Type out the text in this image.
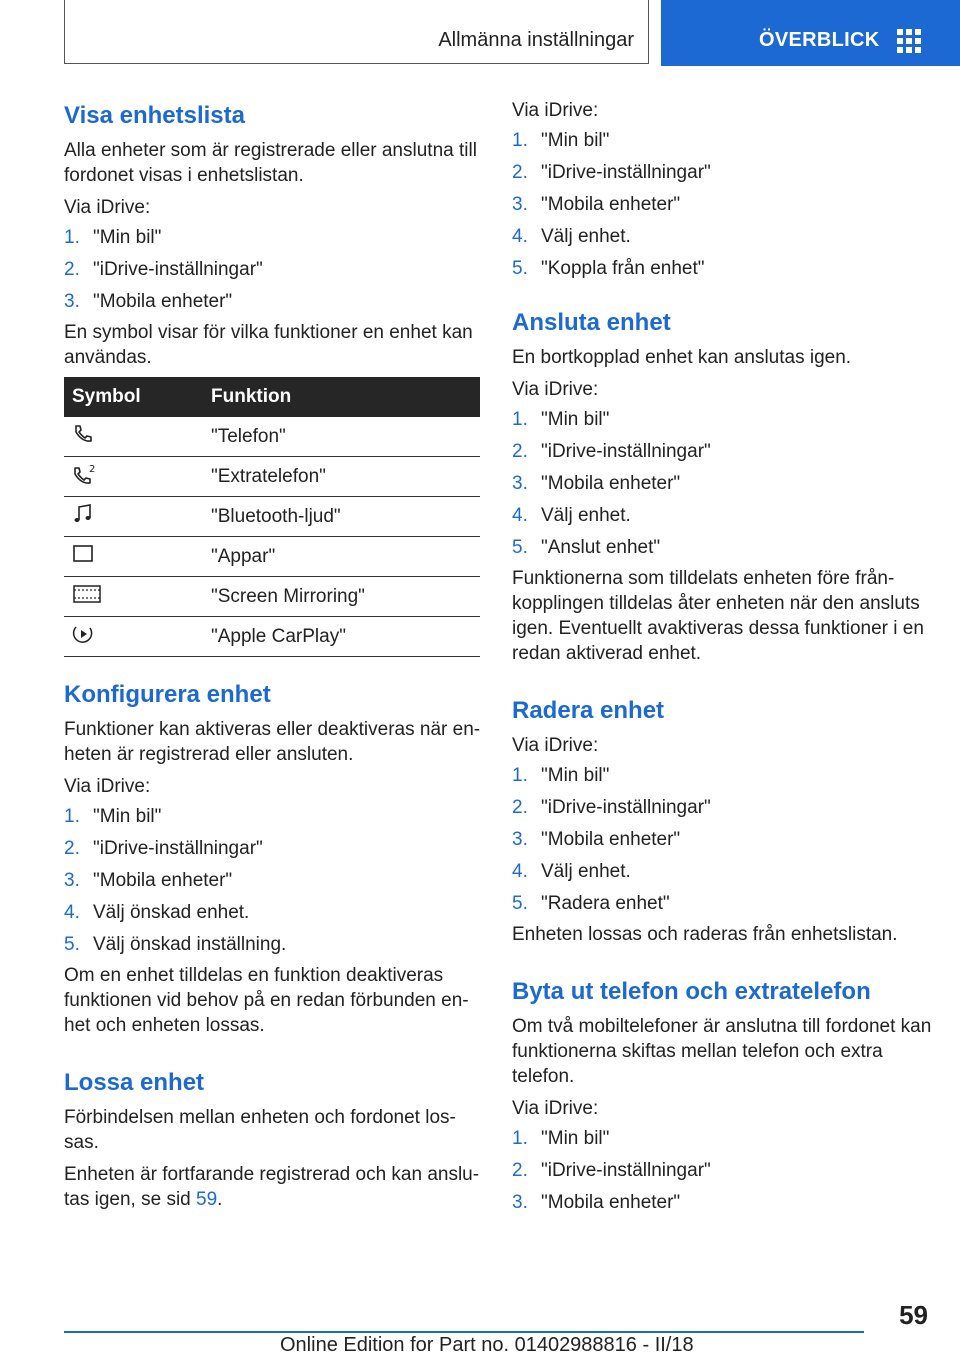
Allmänna inställningar	ÖVERBLICK
Visa enhetslista

Alla enheter som är registrerade eller anslutna till fordonet visas i enhetslistan.

Via iDrive:

1. "Min bil"
2. "iDrive-inställningar"
3. "Mobila enheter"

En symbol visar för vilka funktioner en enhet kan användas.

Symbol	Funktion
	"Telefon"

2	"Extratelefon"
	"Bluetooth-ljud"
	"Appar"
	"Screen Mirroring"
	"Apple CarPlay"
Konfigurera enhet

Funktioner kan aktiveras eller deaktiveras när enheten är registrerad eller ansluten.

Via iDrive:

1. "Min bil"
2. "iDrive-inställningar"
3. "Mobila enheter"
4. Välj önskad enhet.
5. Välj önskad inställning.

Om en enhet tilldelas en funktion deaktiveras funktionen vid behov på en redan förbunden enhet och enheten lossas.

Lossa enhet

Förbindelsen mellan enheten och fordonet lossas.

Enheten är fortfarande registrerad och kan anslutas igen, se sid 59.

Via iDrive:

1. "Min bil"
2. "iDrive-inställningar"
3. "Mobila enheter"
4. Välj enhet.
5. "Koppla från enhet"
Ansluta enhet

En bortkopplad enhet kan anslutas igen.

Via iDrive:

1. "Min bil"
2. "iDrive-inställningar"
3. "Mobila enheter"
4. Välj enhet.
5. "Anslut enhet"

Funktionerna som tilldelats enheten före frånkopplingen tilldelas åter enheten när den ansluts igen. Eventuellt avaktiveras dessa funktioner i en redan aktiverad enhet.

Radera enhet

Via iDrive:

1. "Min bil"
2. "iDrive-inställningar"
3. "Mobila enheter"
4. Välj enhet.
5. "Radera enhet"

Enheten lossas och raderas från enhetslistan.

Byta ut telefon och extratelefon

Om två mobiltelefoner är anslutna till fordonet kan funktionerna skiftas mellan telefon och extra telefon.

Via iDrive:

1. "Min bil"
2. "iDrive-inställningar"
3. "Mobila enheter"
59
Online Edition for Part no. 01402988816 - II/18
